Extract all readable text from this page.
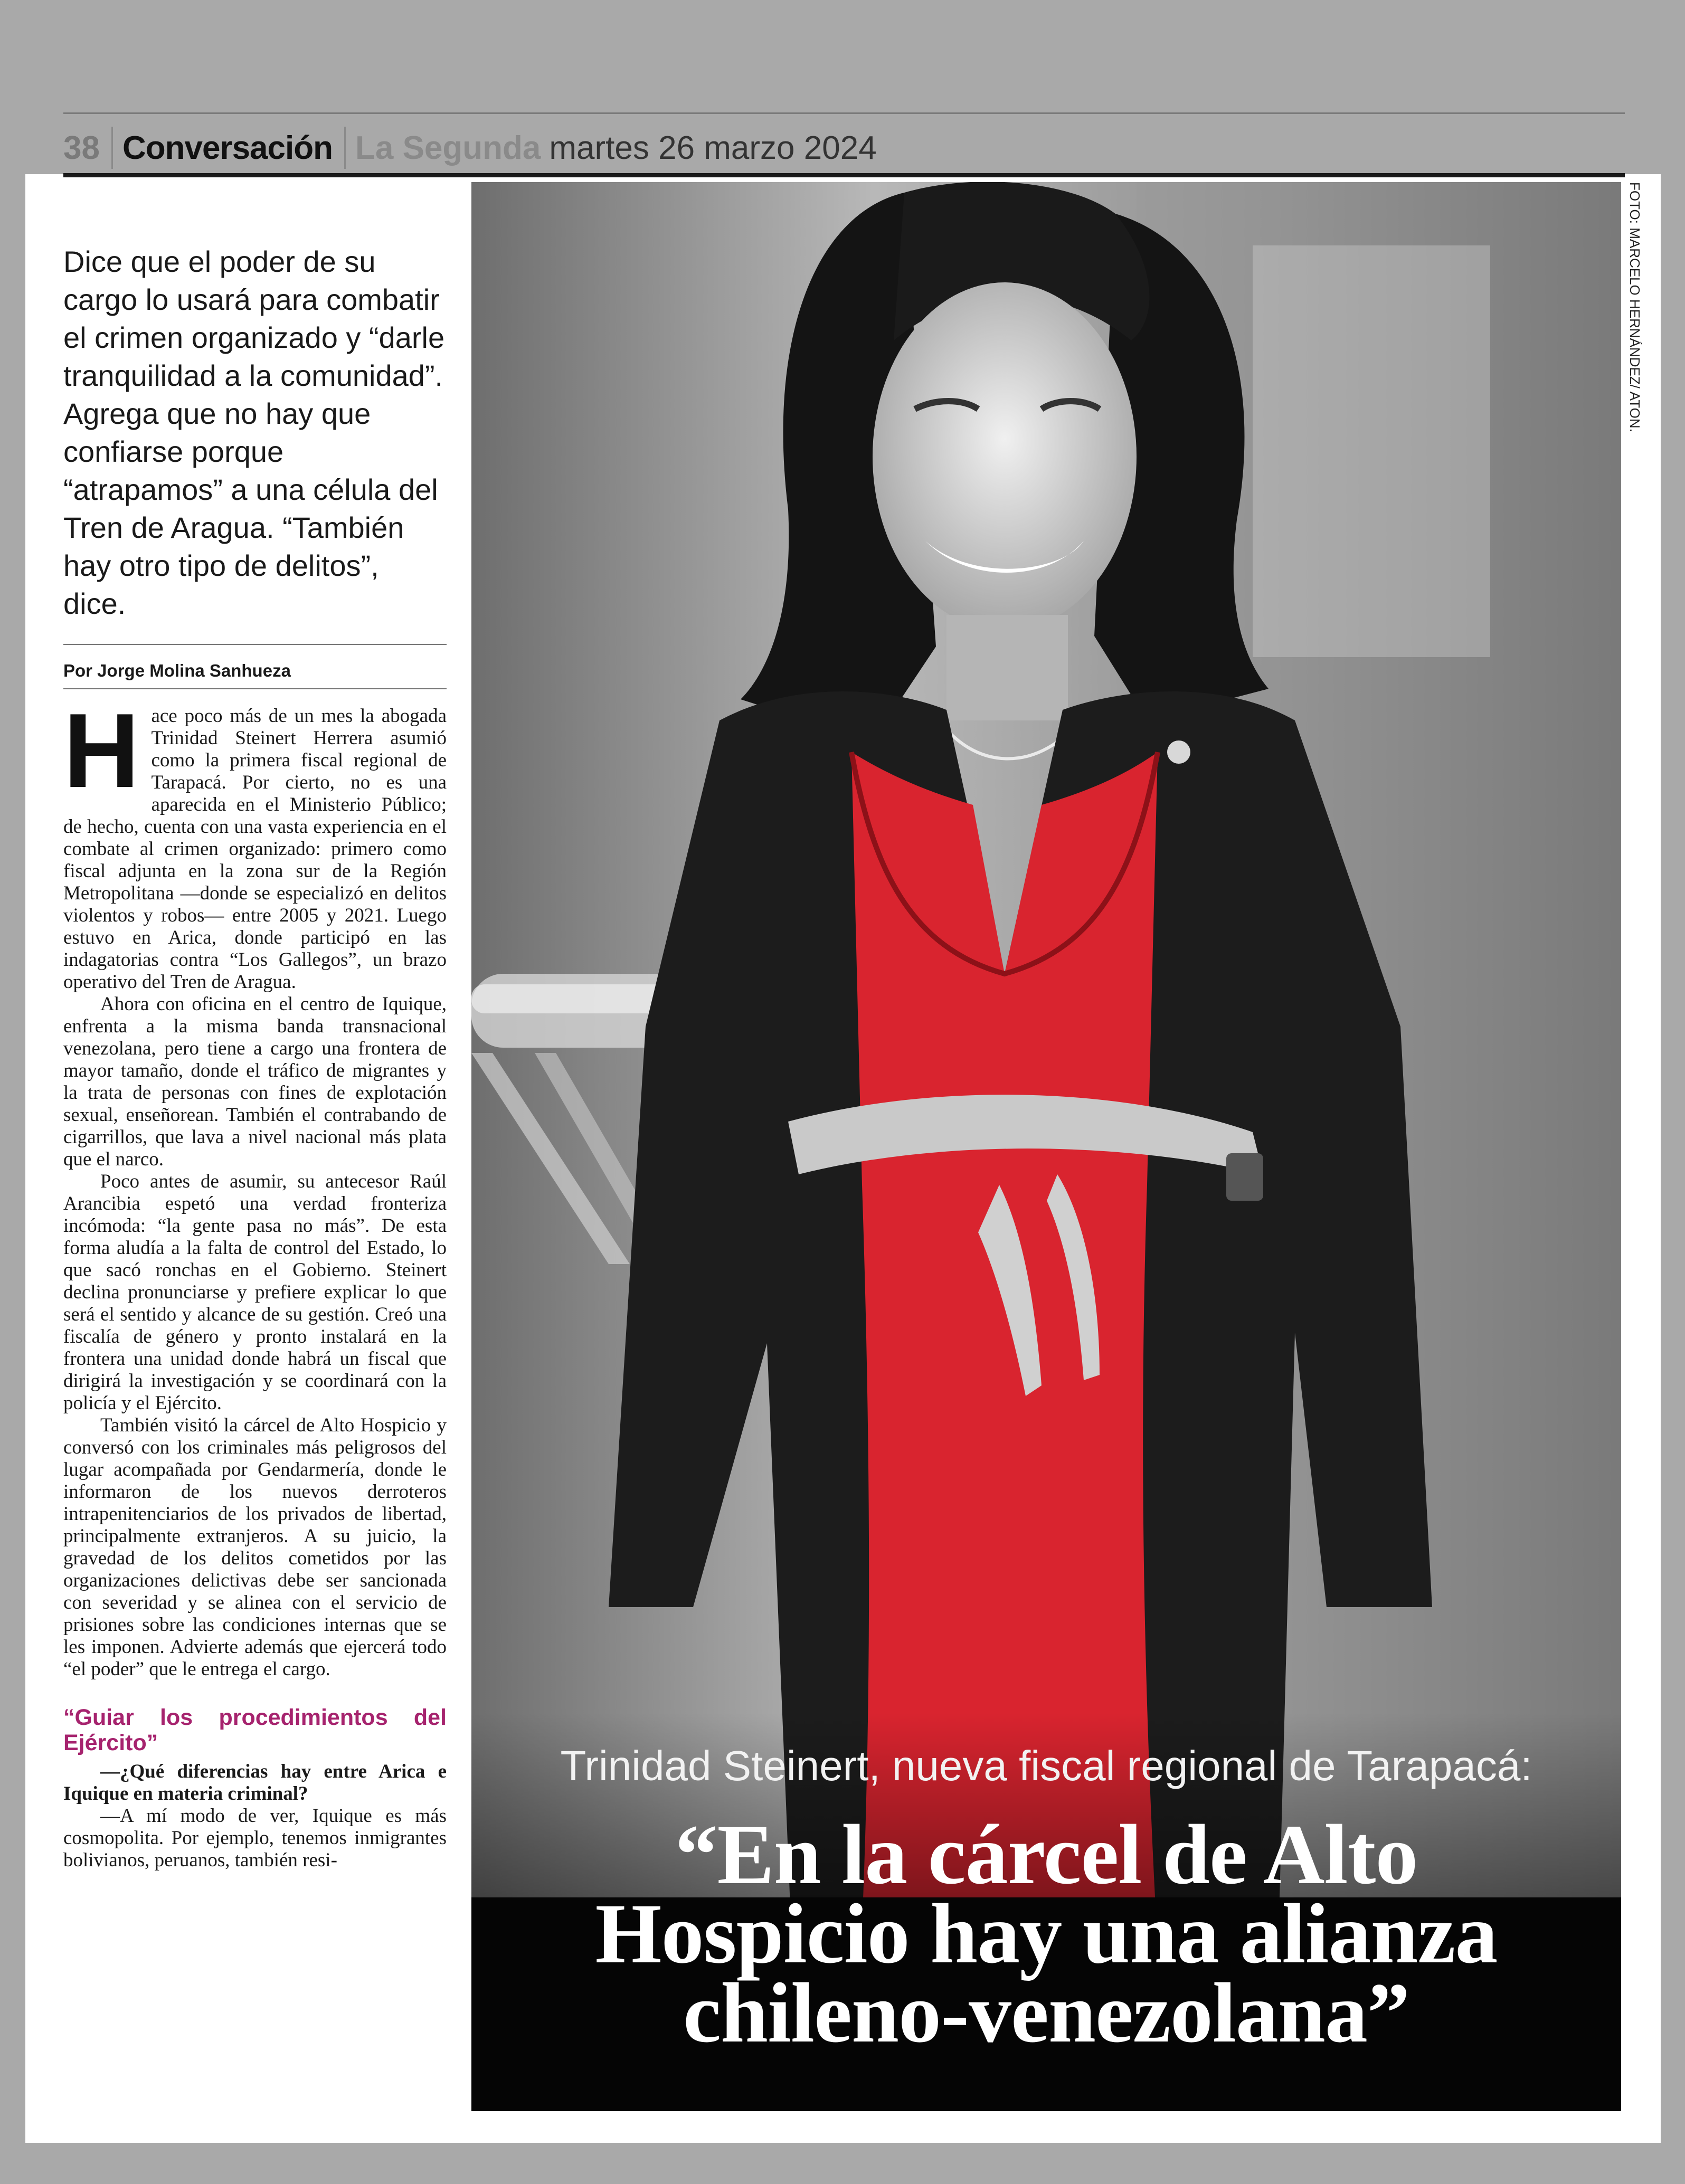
38 Conversación La Segunda martes 26 marzo 2024

Dice que el poder de su cargo lo usará para combatir el crimen organizado y “darle tranquilidad a la comunidad”. Agrega que no hay que confiarse porque “atrapamos” a una célula del Tren de Aragua. “También hay otro tipo de delitos”, dice.

Por Jorge Molina Sanhueza

Hace poco más de un mes la abogada Trinidad Steinert Herrera asumió como la primera fiscal regional de Tarapacá. Por cierto, no es una aparecida en el Ministerio Público; de hecho, cuenta con una vasta experiencia en el combate al crimen organizado: primero como fiscal adjunta en la zona sur de la Región Metropolitana —donde se especializó en delitos violentos y robos— entre 2005 y 2021. Luego estuvo en Arica, donde participó en las indagatorias contra “Los Gallegos”, un brazo operativo del Tren de Aragua.

Ahora con oficina en el centro de Iquique, enfrenta a la misma banda transnacional venezolana, pero tiene a cargo una frontera de mayor tamaño, donde el tráfico de migrantes y la trata de personas con fines de explotación sexual, enseñorean. También el contrabando de cigarrillos, que lava a nivel nacional más plata que el narco.

Poco antes de asumir, su antecesor Raúl Arancibia espetó una verdad fronteriza incómoda: “la gente pasa no más”. De esta forma aludía a la falta de control del Estado, lo que sacó ronchas en el Gobierno. Steinert declina pronunciarse y prefiere explicar lo que será el sentido y alcance de su gestión. Creó una fiscalía de género y pronto instalará en la frontera una unidad donde habrá un fiscal que dirigirá la investigación y se coordinará con la policía y el Ejército.

También visitó la cárcel de Alto Hospicio y conversó con los criminales más peligrosos del lugar acompañada por Gendarmería, donde le informaron de los nuevos derroteros intrapenitenciarios de los privados de libertad, principalmente extranjeros. A su juicio, la gravedad de los delitos cometidos por las organizaciones delictivas debe ser sancionada con severidad y se alinea con el servicio de prisiones sobre las condiciones internas que se les imponen. Advierte además que ejercerá todo “el poder” que le entrega el cargo.

“Guiar los procedimientos del Ejército”

—¿Qué diferencias hay entre Arica e Iquique en materia criminal?

—A mí modo de ver, Iquique es más cosmopolita. Por ejemplo, tenemos inmigrantes bolivianos, peruanos, también resi-

FOTO: MARCELO HERNÁNDEZ/ ATON.
Trinidad Steinert, nueva fiscal regional de Tarapacá:
“En la cárcel de Alto
Hospicio hay una alianza
chileno-venezolana”
